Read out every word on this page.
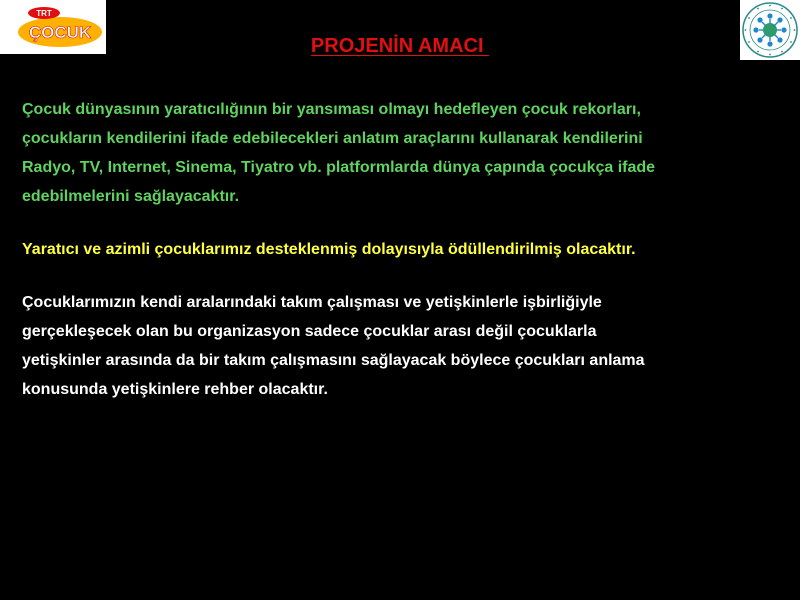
TRT
ÇOCUK
PROJENİN AMACI

Çocuk dünyasının yaratıcılığının bir yansıması olmayı hedefleyen çocuk rekorları,

çocukların kendilerini ifade edebilecekleri anlatım araçlarını kullanarak kendilerini

Radyo, TV, Internet, Sinema, Tiyatro vb. platformlarda dünya çapında çocukça ifade

edebilmelerini sağlayacaktır.

Yaratıcı ve azimli çocuklarımız desteklenmiş dolayısıyla ödüllendirilmiş olacaktır.

Çocuklarımızın kendi aralarındaki takım çalışması ve yetişkinlerle işbirliğiyle

gerçekleşecek olan bu organizasyon sadece çocuklar arası değil çocuklarla

yetişkinler arasında da bir takım çalışmasını sağlayacak böylece çocukları anlama

konusunda yetişkinlere rehber olacaktır.
